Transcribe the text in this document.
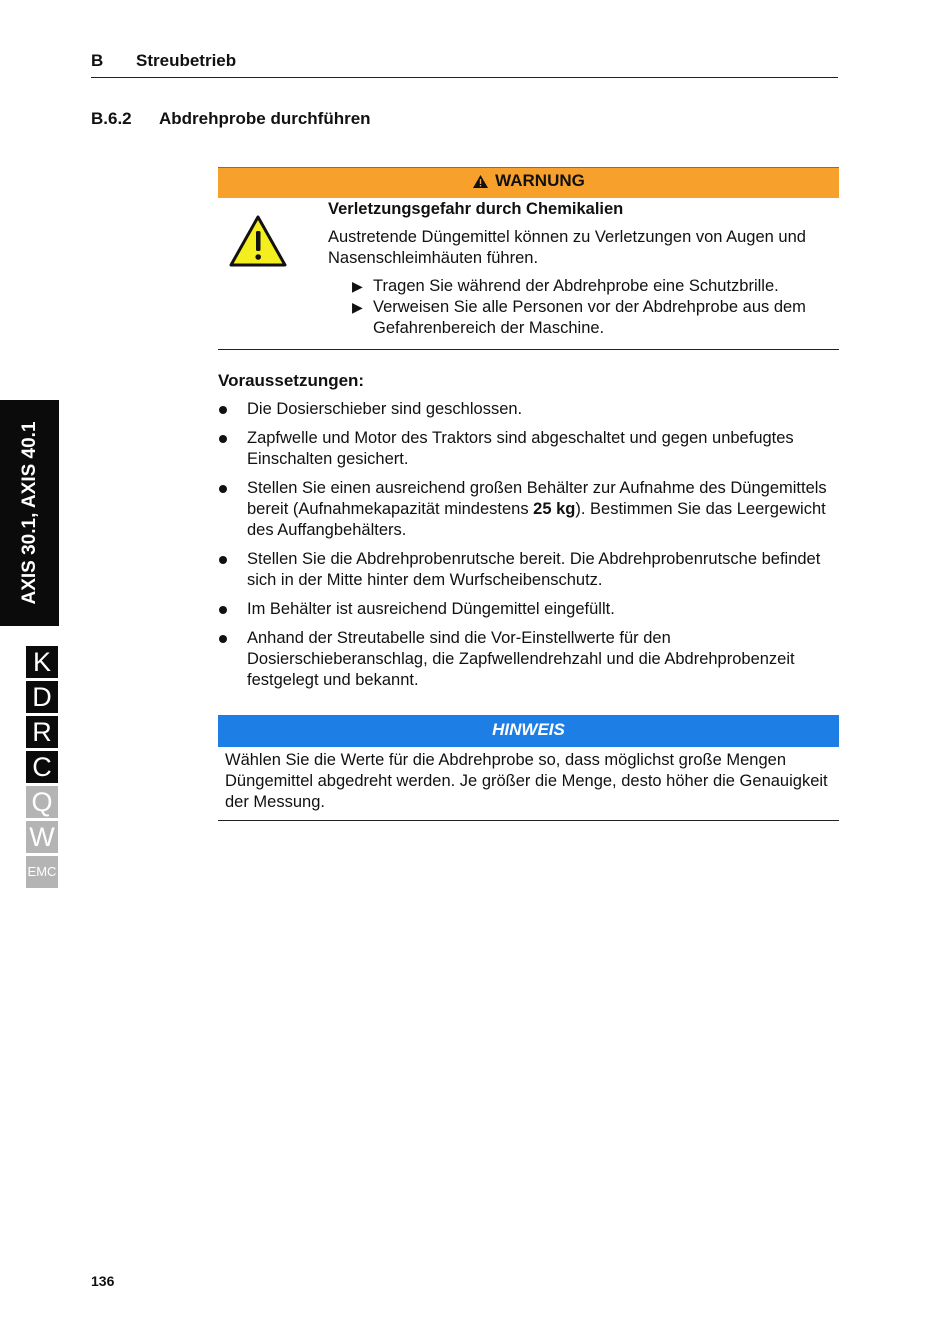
B Streubetrieb
B.6.2 Abdrehprobe durchführen
WARNUNG
Verletzungsgefahr durch Chemikalien
Austretende Düngemittel können zu Verletzungen von Augen und Nasenschleimhäuten führen.
▶ Tragen Sie während der Abdrehprobe eine Schutzbrille.
▶ Verweisen Sie alle Personen vor der Abdrehprobe aus dem Gefahrenbereich der Maschine.
Voraussetzungen:
Die Dosierschieber sind geschlossen.
Zapfwelle und Motor des Traktors sind abgeschaltet und gegen unbefugtes Einschalten gesichert.
Stellen Sie einen ausreichend großen Behälter zur Aufnahme des Düngemittels bereit (Aufnahmekapazität mindestens 25 kg). Bestimmen Sie das Leergewicht des Auffangbehälters.
Stellen Sie die Abdrehprobenrutsche bereit. Die Abdrehprobenrutsche befindet sich in der Mitte hinter dem Wurfscheibenschutz.
Im Behälter ist ausreichend Düngemittel eingefüllt.
Anhand der Streutabelle sind die Vor-Einstellwerte für den Dosierschieberanschlag, die Zapfwellendrehzahl und die Abdrehprobenzeit festgelegt und bekannt.
HINWEIS
Wählen Sie die Werte für die Abdrehprobe so, dass möglichst große Mengen Düngemittel abgedreht werden. Je größer die Menge, desto höher die Genauigkeit der Messung.
AXIS 30.1, AXIS 40.1
K
D
R
C
Q
W
EMC
136
